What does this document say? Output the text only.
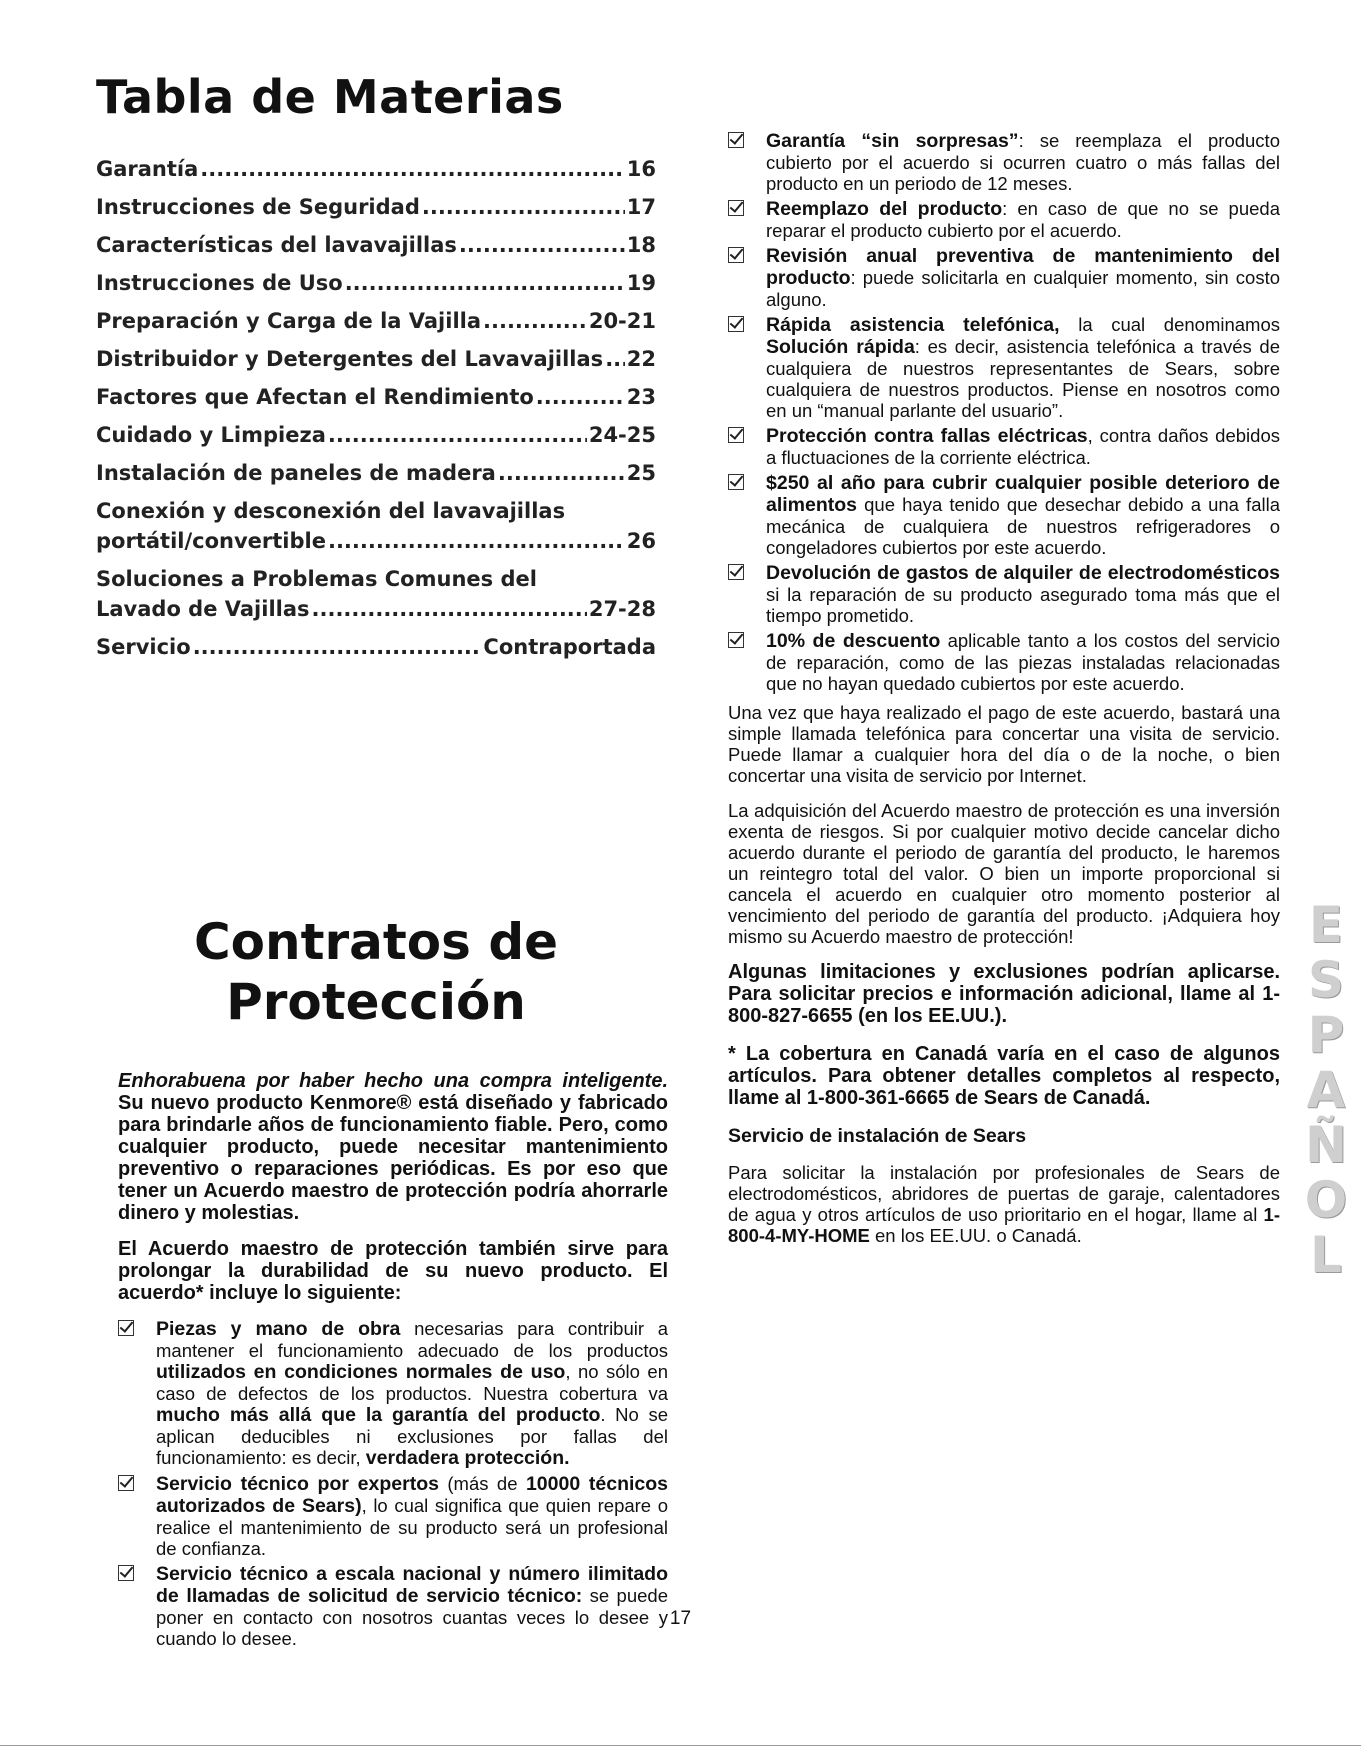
Tabla de Materias
Garantía .....	16
Instrucciones de Seguridad .....	17
Características del lavavajillas .....	18
Instrucciones de Uso .....	19
Preparación y Carga de la Vajilla .....	20-21
Distribuidor y Detergentes del Lavavajillas ..... 22
Factores que Afectan el Rendimiento .....	23
Cuidado y Limpieza .....	24-25
Instalación de paneles de madera .....	25
Conexión y desconexión del lavavajillas
portátil/convertible .....	26
Soluciones a Problemas Comunes del
Lavado de Vajillas .....	27-28
Servicio .....	Contraportada
Contratos de
Protección

Enhorabuena por haber hecho una compra inteligente. Su nuevo producto Kenmore® está diseñado y fabricado para brindarle años de funcionamiento fiable. Pero, como cualquier producto, puede necesitar mantenimiento preventivo o reparaciones periódicas. Es por eso que tener un Acuerdo maestro de protección podría ahorrarle dinero y molestias.

El Acuerdo maestro de protección también sirve para prolongar la durabilidad de su nuevo producto. El acuerdo* incluye lo siguiente:

Piezas y mano de obra necesarias para contribuir a mantener el funcionamiento adecuado de los productos utilizados en condiciones normales de uso, no sólo en caso de defectos de los productos. Nuestra cobertura va mucho más allá que la garantía del producto. No se aplican deducibles ni exclusiones por fallas del funcionamiento: es decir, verdadera protección.
Servicio técnico por expertos (más de 10000 técnicos autorizados de Sears), lo cual significa que quien repare o realice el mantenimiento de su producto será un profesional de confianza.
Servicio técnico a escala nacional y número ilimitado de llamadas de solicitud de servicio técnico: se puede poner en contacto con nosotros cuantas veces lo desee y cuando lo desee.
Garantía “sin sorpresas”: se reemplaza el producto cubierto por el acuerdo si ocurren cuatro o más fallas del producto en un periodo de 12 meses.
Reemplazo del producto: en caso de que no se pueda reparar el producto cubierto por el acuerdo.
Revisión anual preventiva de mantenimiento del producto: puede solicitarla en cualquier momento, sin costo alguno.
Rápida asistencia telefónica, la cual denominamos Solución rápida: es decir, asistencia telefónica a través de cualquiera de nuestros representantes de Sears, sobre cualquiera de nuestros productos. Piense en nosotros como en un “manual parlante del usuario”.
Protección contra fallas eléctricas, contra daños debidos a fluctuaciones de la corriente eléctrica.
$250 al año para cubrir cualquier posible deterioro de alimentos que haya tenido que desechar debido a una falla mecánica de cualquiera de nuestros refrigeradores o congeladores cubiertos por este acuerdo.
Devolución de gastos de alquiler de electrodomésticos si la reparación de su producto asegurado toma más que el tiempo prometido.
10% de descuento aplicable tanto a los costos del servicio de reparación, como de las piezas instaladas relacionadas que no hayan quedado cubiertos por este acuerdo.

Una vez que haya realizado el pago de este acuerdo, bastará una simple llamada telefónica para concertar una visita de servicio. Puede llamar a cualquier hora del día o de la noche, o bien concertar una visita de servicio por Internet.

La adquisición del Acuerdo maestro de protección es una inversión exenta de riesgos. Si por cualquier motivo decide cancelar dicho acuerdo durante el periodo de garantía del producto, le haremos un reintegro total del valor. O bien un importe proporcional si cancela el acuerdo en cualquier otro momento posterior al vencimiento del periodo de garantía del producto. ¡Adquiera hoy mismo su Acuerdo maestro de protección!

Algunas limitaciones y exclusiones podrían aplicarse. Para solicitar precios e información adicional, llame al 1-800-827-6655 (en los EE.UU.).

* La cobertura en Canadá varía en el caso de algunos artículos. Para obtener detalles completos al respecto, llame al 1-800-361-6665 de Sears de Canadá.

Servicio de instalación de Sears

Para solicitar la instalación por profesionales de Sears de electrodomésticos, abridores de puertas de garaje, calentadores de agua y otros artículos de uso prioritario en el hogar, llame al 1-800-4-MY-HOME en los EE.UU. o Canadá.

E
S
P
A
Ñ
O
L
17
